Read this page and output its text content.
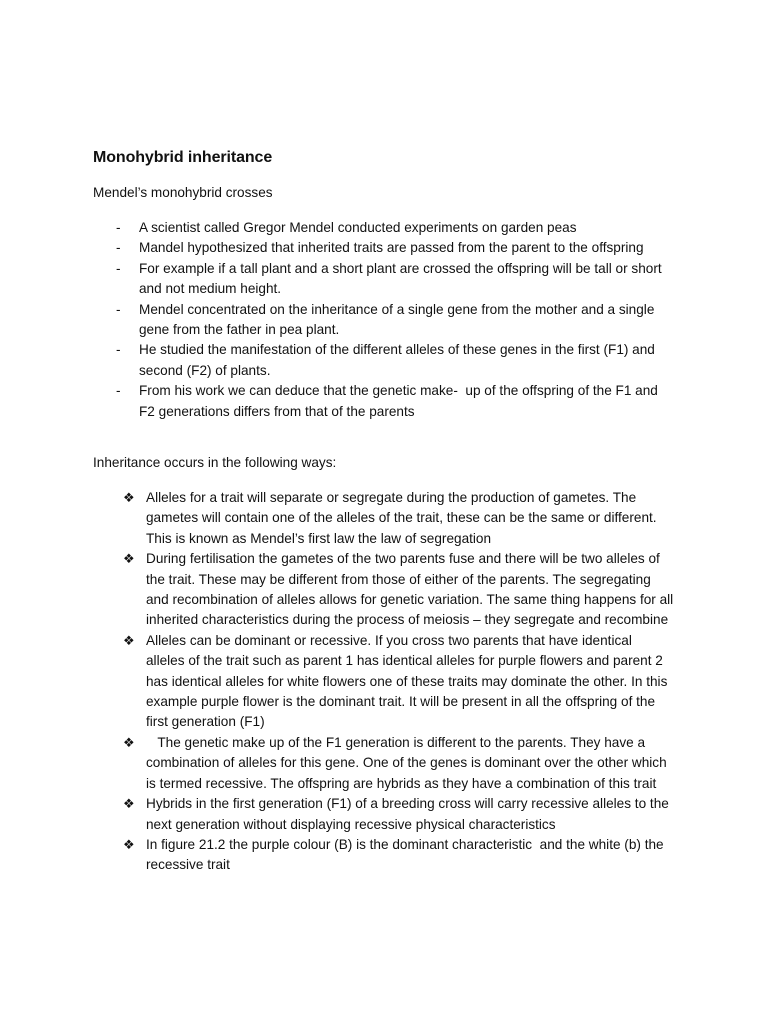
Monohybrid inheritance

Mendel’s monohybrid crosses

- A scientist called Gregor Mendel conducted experiments on garden peas
- Mandel hypothesized that inherited traits are passed from the parent to the offspring
- For example if a tall plant and a short plant are crossed the offspring will be tall or short and not medium height.
- Mendel concentrated on the inheritance of a single gene from the mother and a single gene from the father in pea plant.
- He studied the manifestation of the different alleles of these genes in the first (F1) and second (F2) of plants.
- From his work we can deduce that the genetic make-  up of the offspring of the F1 and F2 generations differs from that of the parents

Inheritance occurs in the following ways:

❖ Alleles for a trait will separate or segregate during the production of gametes. The gametes will contain one of the alleles of the trait, these can be the same or different. This is known as Mendel’s first law the law of segregation
❖ During fertilisation the gametes of the two parents fuse and there will be two alleles of the trait. These may be different from those of either of the parents. The segregating and recombination of alleles allows for genetic variation. The same thing happens for all inherited characteristics during the process of meiosis – they segregate and recombine
❖ Alleles can be dominant or recessive. If you cross two parents that have identical alleles of the trait such as parent 1 has identical alleles for purple flowers and parent 2 has identical alleles for white flowers one of these traits may dominate the other. In this example purple flower is the dominant trait. It will be present in all the offspring of the first generation (F1)
❖ The genetic make up of the F1 generation is different to the parents. They have a combination of alleles for this gene. One of the genes is dominant over the other which is termed recessive. The offspring are hybrids as they have a combination of this trait
❖ Hybrids in the first generation (F1) of a breeding cross will carry recessive alleles to the next generation without displaying recessive physical characteristics
❖ In figure 21.2 the purple colour (B) is the dominant characteristic  and the white (b) the recessive trait
